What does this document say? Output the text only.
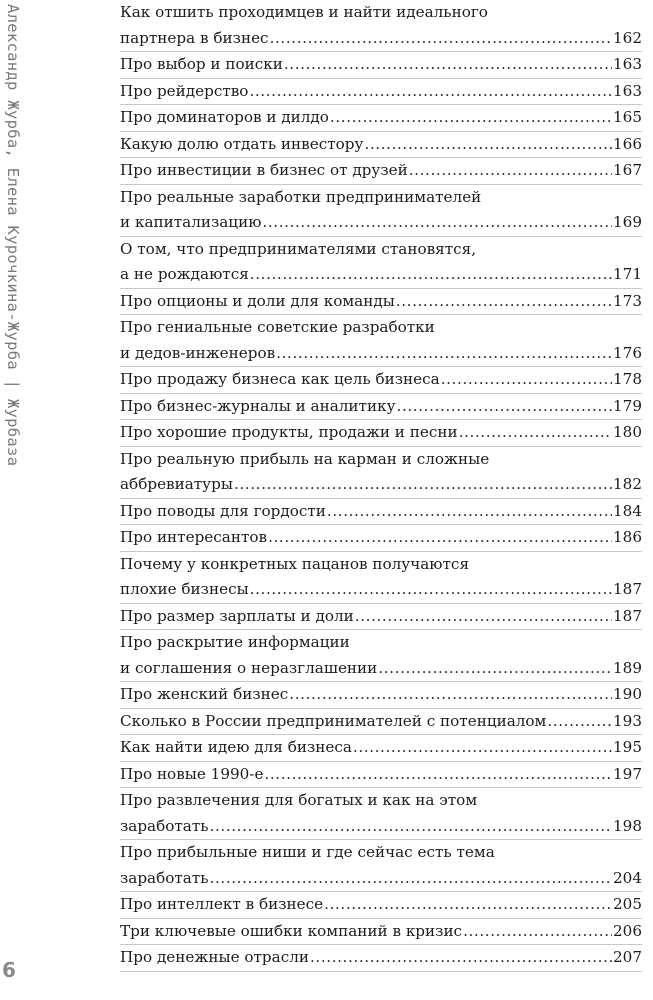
Александр Журба, Елена Курочкина-Журба | Журбаза
6
Как отшить проходимцев и найти идеального
партнера в бизнес .....	162
Про выбор и поиски .....	163
Про рейдерство .....	163
Про доминаторов и дилдо .....	165
Какую долю отдать инвестору .....	166
Про инвестиции в бизнес от друзей .....	167
Про реальные заработки предпринимателей
и капитализацию .....	169
О том, что предпринимателями становятся,
а не рождаются .....	171
Про опционы и доли для команды .....	173
Про гениальные советские разработки
и дедов-инженеров .....	176
Про продажу бизнеса как цель бизнеса .....	178
Про бизнес-журналы и аналитику .....	179
Про хорошие продукты, продажи и песни .....	180
Про реальную прибыль на карман и сложные
аббревиатуры .....	182
Про поводы для гордости .....	184
Про интересантов .....	186
Почему у конкретных пацанов получаются
плохие бизнесы .....	187
Про размер зарплаты и доли .....	187
Про раскрытие информации
и соглашения о неразглашении .....	189
Про женский бизнес .....	190
Сколько в России предпринимателей с потенциалом .....	193
Как найти идею для бизнеса .....	195
Про новые 1990-е .....	197
Про развлечения для богатых и как на этом
заработать .....	198
Про прибыльные ниши и где сейчас есть тема
заработать .....	204
Про интеллект в бизнесе .....	205
Три ключевые ошибки компаний в кризис .....	206
Про денежные отрасли .....	207
